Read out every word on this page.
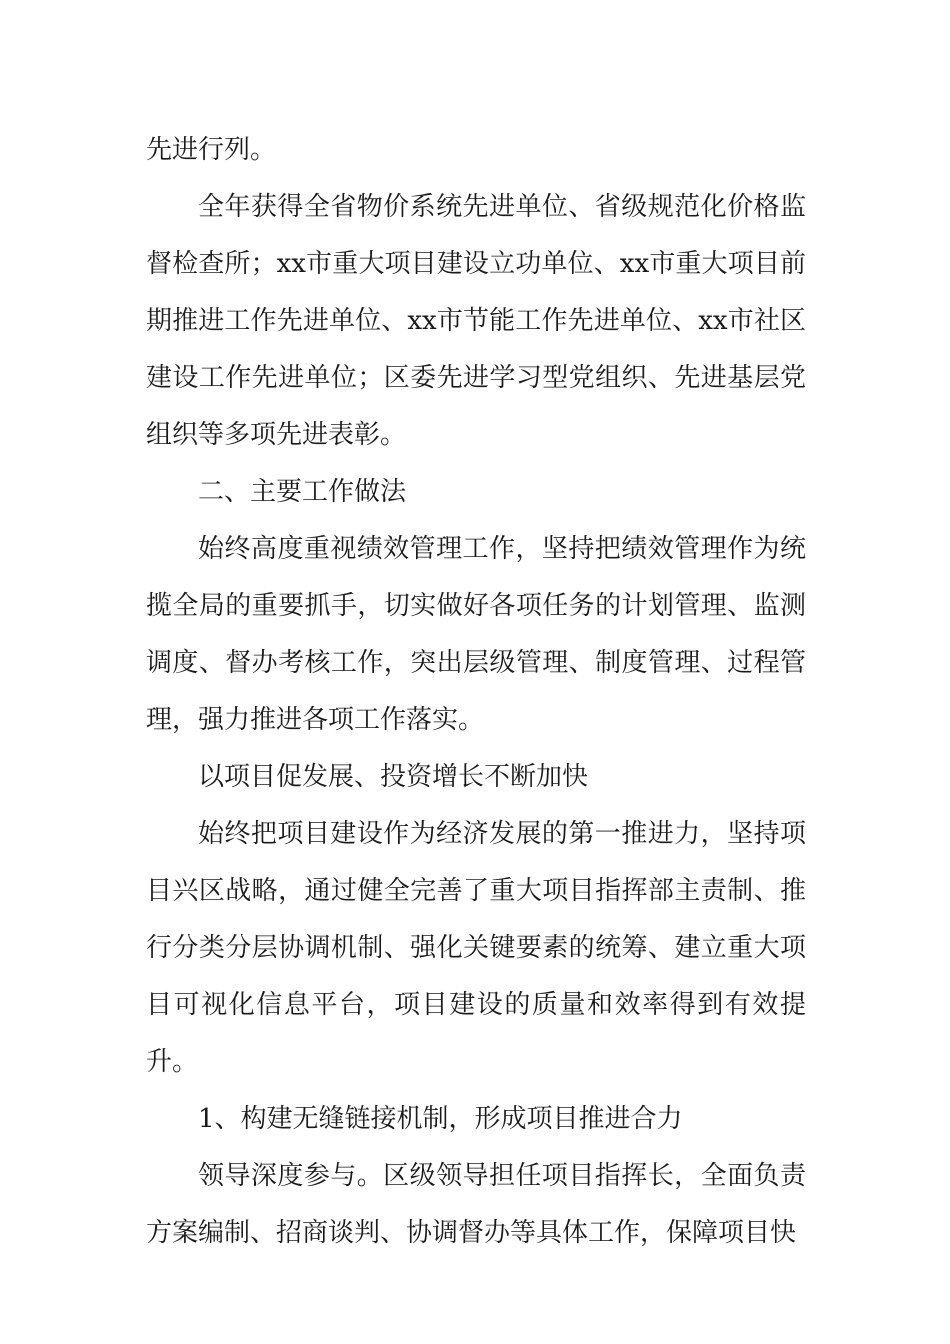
先进行列。

全年获得全省物价系统先进单位、省级规范化价格监督检查所；xx市重大项目建设立功单位、xx市重大项目前期推进工作先进单位、xx市节能工作先进单位、xx市社区建设工作先进单位；区委先进学习型党组织、先进基层党组织等多项先进表彰。

二、主要工作做法

始终高度重视绩效管理工作，坚持把绩效管理作为统揽全局的重要抓手，切实做好各项任务的计划管理、监测调度、督办考核工作，突出层级管理、制度管理、过程管理，强力推进各项工作落实。

以项目促发展、投资增长不断加快

始终把项目建设作为经济发展的第一推进力，坚持项目兴区战略，通过健全完善了重大项目指挥部主责制、推行分类分层协调机制、强化关键要素的统筹、建立重大项目可视化信息平台，项目建设的质量和效率得到有效提升。

1、构建无缝链接机制，形成项目推进合力

领导深度参与。区级领导担任项目指挥长，全面负责方案编制、招商谈判、协调督办等具体工作，保障项目快
